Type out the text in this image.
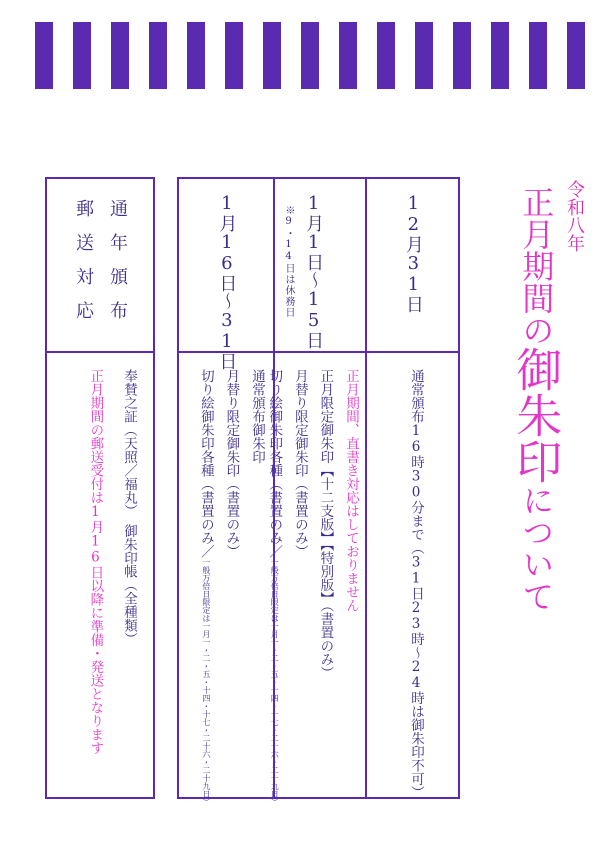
令和八年
正月期間の御朱印について
12月31日
通常頒布16時30分まで（31日23時～24時は御朱印不可）
1月1日～15日
※9・14日は休務日
正月期間、直書き対応はしておりません
正月限定御朱印【十二支版】【特別版】（書置のみ）
月替り限定御朱印（書置のみ）
切り絵御朱印各種（書置のみ／一般万倍日限定は一月一・二・五・十四・十七・二十六・二十九日）
1月16日～31日
通常頒布御朱印
月替り限定御朱印（書置のみ）
切り絵御朱印各種（書置のみ／一般万倍日限定は一月一・二・五・十四・十七・二十六・二十九日）
通年頒布
郵送対応
奉賛之証（天照／福丸）　御朱印帳（全種類）
正月期間の郵送受付は1月16日以降に準備・発送となります
